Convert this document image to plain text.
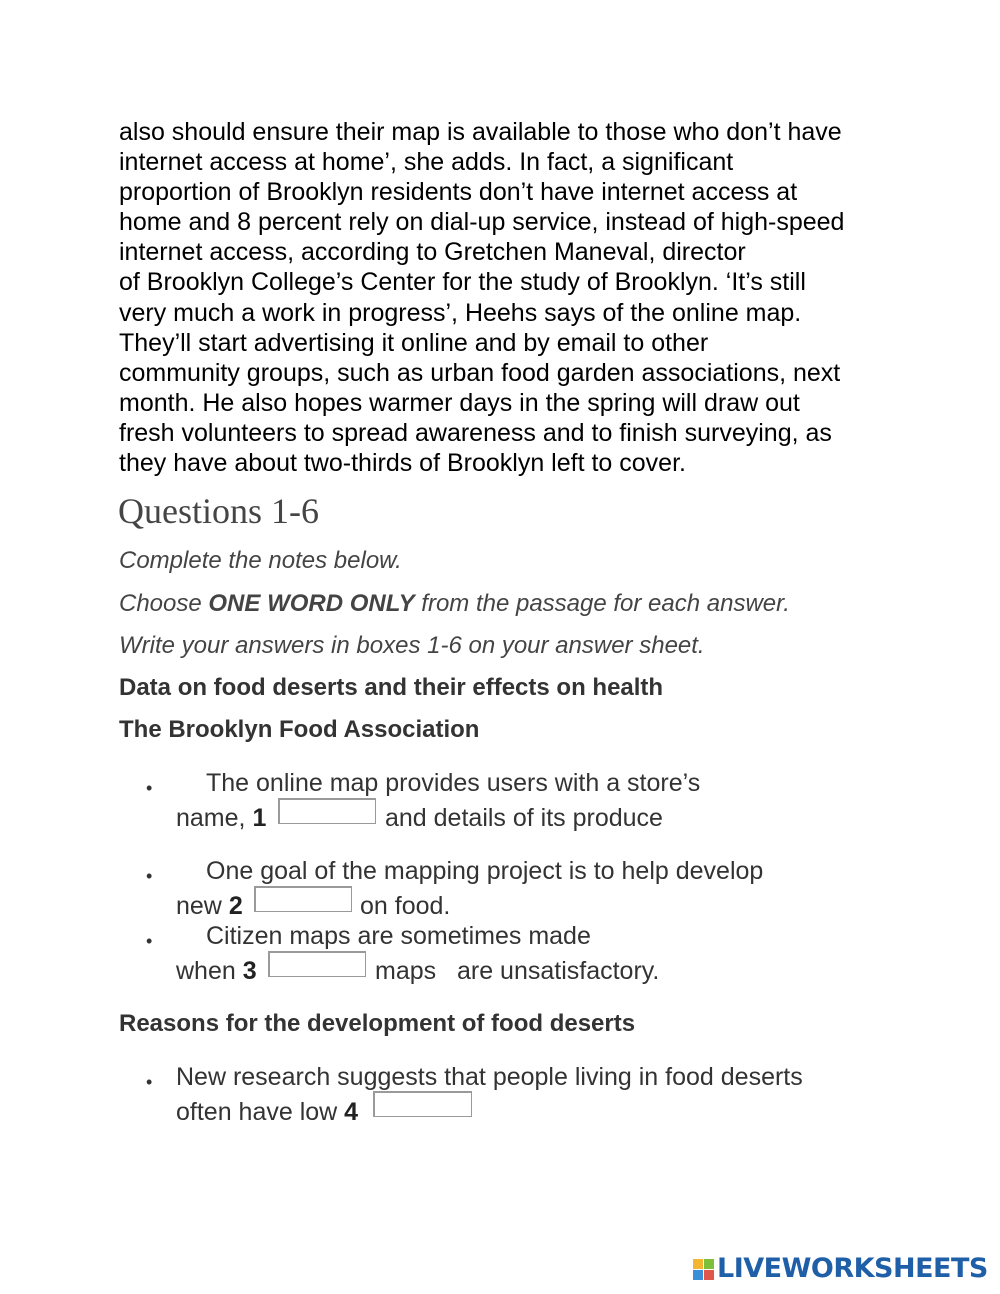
also should ensure their map is available to those who don’t have
internet access at home’, she adds. In fact, a significant
proportion of Brooklyn residents don’t have internet access at
home and 8 percent rely on dial-up service, instead of high-speed
internet access, according to Gretchen Maneval, director
of Brooklyn College’s Center for the study of Brooklyn. ‘It’s still
very much a work in progress’, Heehs says of the online map.
They’ll start advertising it online and by email to other
community groups, such as urban food garden associations, next
month. He also hopes warmer days in the spring will draw out
fresh volunteers to spread awareness and to finish surveying, as
they have about two-thirds of Brooklyn left to cover.
Questions 1-6

Complete the notes below.

Choose ONE WORD ONLY from the passage for each answer.

Write your answers in boxes 1-6 on your answer sheet.

Data on food deserts and their effects on health

The Brooklyn Food Association

• The online map provides users with a store’s
name, 1	and details of its produce
• One goal of the mapping project is to help develop
new 2	on food.
• Citizen maps are sometimes made
when 3	maps   are unsatisfactory.

Reasons for the development of food deserts

• New research suggests that people living in food deserts
often have low 4
LIVEWORKSHEETS
